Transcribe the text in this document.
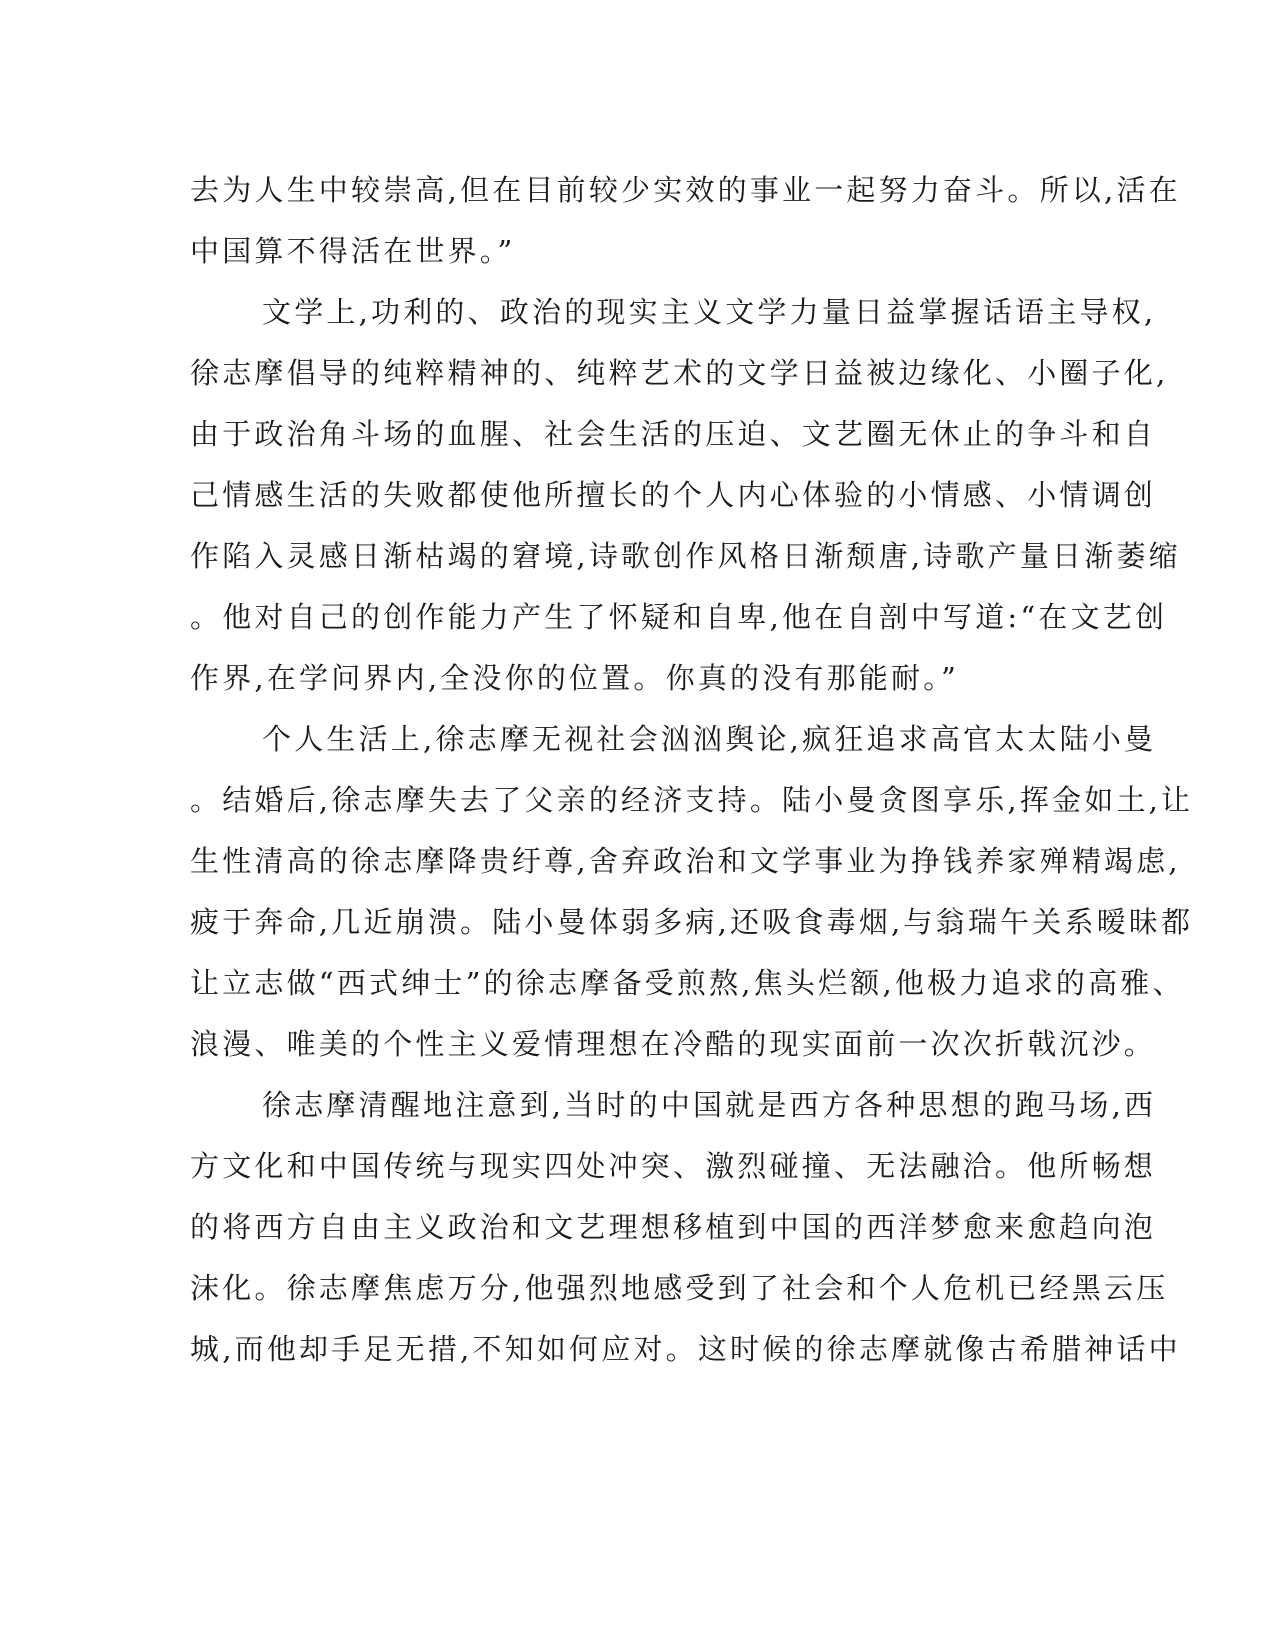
去为人生中较崇高,但在目前较少实效的事业一起努力奋斗。所以,活在
中国算不得活在世界。”
文学上,功利的、政治的现实主义文学力量日益掌握话语主导权,
徐志摩倡导的纯粹精神的、纯粹艺术的文学日益被边缘化、小圈子化,
由于政治角斗场的血腥、社会生活的压迫、文艺圈无休止的争斗和自
己情感生活的失败都使他所擅长的个人内心体验的小情感、小情调创
作陷入灵感日渐枯竭的窘境,诗歌创作风格日渐颓唐,诗歌产量日渐萎缩
。他对自己的创作能力产生了怀疑和自卑,他在自剖中写道:“在文艺创
作界,在学问界内,全没你的位置。你真的没有那能耐。”
个人生活上,徐志摩无视社会汹汹舆论,疯狂追求高官太太陆小曼
。结婚后,徐志摩失去了父亲的经济支持。陆小曼贪图享乐,挥金如土,让
生性清高的徐志摩降贵纡尊,舍弃政治和文学事业为挣钱养家殚精竭虑,
疲于奔命,几近崩溃。陆小曼体弱多病,还吸食毒烟,与翁瑞午关系暧昧都
让立志做“西式绅士”的徐志摩备受煎熬,焦头烂额,他极力追求的高雅、
浪漫、唯美的个性主义爱情理想在冷酷的现实面前一次次折戟沉沙。
徐志摩清醒地注意到,当时的中国就是西方各种思想的跑马场,西
方文化和中国传统与现实四处冲突、激烈碰撞、无法融洽。他所畅想
的将西方自由主义政治和文艺理想移植到中国的西洋梦愈来愈趋向泡
沫化。徐志摩焦虑万分,他强烈地感受到了社会和个人危机已经黑云压
城,而他却手足无措,不知如何应对。这时候的徐志摩就像古希腊神话中
